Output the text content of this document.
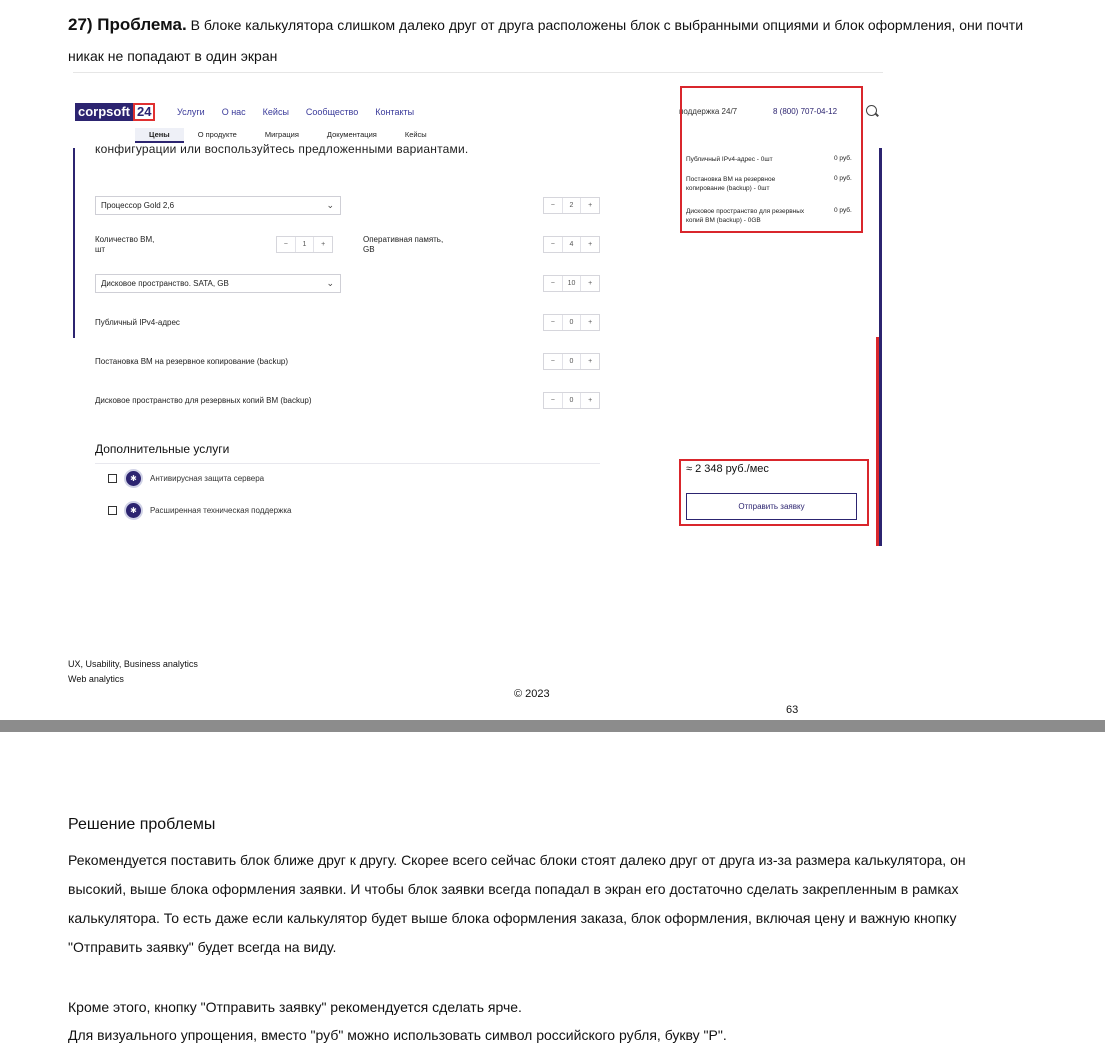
27) Проблема. В блоке калькулятора слишком далеко друг от друга расположены блок с выбранными опциями и блок оформления, они почти никак не попадают в один экран
corpsoft 24	Услуги О нас Кейсы Сообщество Контакты
Цены	О продукте	Миграция	Документация	Кейсы
поддержка 24/7	8 (800) 707-04-12
конфигурации или воспользуйтесь предложенными вариантами.
Процессор Gold 2,6	⌄	−	2	+
Количество ВМ,
шт
−	1	+
Оперативная память,
GB
−	4	+
Дисковое пространство. SATA, GB	⌄	−	10	+
Публичный IPv4-адрес	−	0	+
Постановка ВМ на резервное копирование (backup)	−	0	+
Дисковое пространство для резервных копий ВМ (backup)	−	0	+
Дополнительные услуги
✱	Антивирусная защита сервера
✱	Расширенная техническая поддержка
Публичный IPv4-адрес - 0шт	0 руб.
Постановка ВМ на резервное копирование (backup) - 0шт
0 руб.
Дисковое пространство для резервных копий ВМ (backup) - 0GB
0 руб.
≈ 2 348 руб./мес
Отправить заявку
UX, Usability, Business analytics
Web analytics
© 2023
63
Решение проблемы
Рекомендуется поставить блок ближе друг к другу. Скорее всего сейчас блоки стоят далеко друг от друга из-за размера калькулятора, он высокий, выше блока оформления заявки. И чтобы блок заявки всегда попадал в экран его достаточно сделать закрепленным в рамках калькулятора. То есть даже если калькулятор будет выше блока оформления заказа, блок оформления, включая цену и важную кнопку "Отправить заявку" будет всегда на виду.
Кроме этого, кнопку "Отправить заявку" рекомендуется сделать ярче.
Для визуального упрощения, вместо "руб" можно использовать символ российского рубля, букву "Р".
